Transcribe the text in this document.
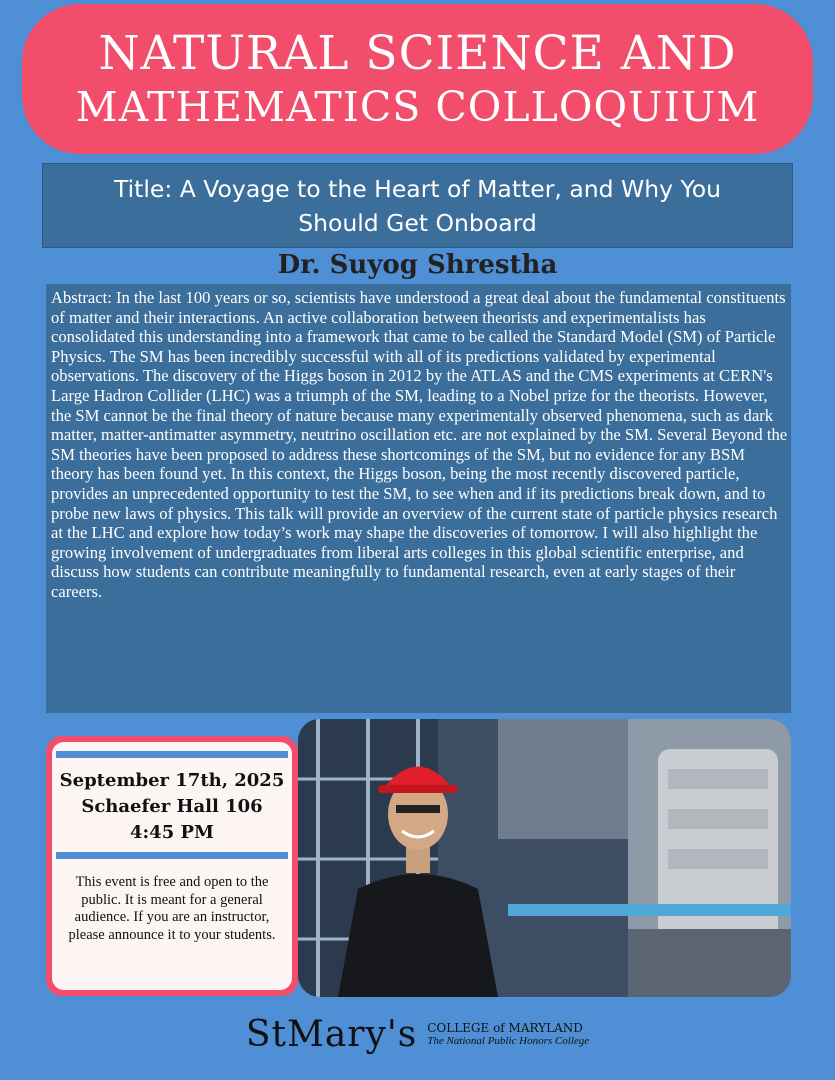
NATURAL SCIENCE AND
MATHEMATICS COLLOQUIUM
Title: A Voyage to the Heart of Matter, and Why You
Should Get Onboard
Dr. Suyog Shrestha
Abstract: In the last 100 years or so, scientists have understood a great deal about the fundamental constituents of matter and their interactions. An active collaboration between theorists and experimentalists has consolidated this understanding into a framework that came to be called the Standard Model (SM) of Particle Physics. The SM has been incredibly successful with all of its predictions validated by experimental observations. The discovery of the Higgs boson in 2012 by the ATLAS and the CMS experiments at CERN's Large Hadron Collider (LHC) was a triumph of the SM, leading to a Nobel prize for the theorists. However, the SM cannot be the final theory of nature because many experimentally observed phenomena, such as dark matter, matter-antimatter asymmetry, neutrino oscillation etc. are not explained by the SM. Several Beyond the SM theories have been proposed to address these shortcomings of the SM, but no evidence for any BSM theory has been found yet. In this context, the Higgs boson, being the most recently discovered particle, provides an unprecedented opportunity to test the SM, to see when and if its predictions break down, and to probe new laws of physics. This talk will provide an overview of the current state of particle physics research at the LHC and explore how today’s work may shape the discoveries of tomorrow. I will also highlight the growing involvement of undergraduates from liberal arts colleges in this global scientific enterprise, and discuss how students can contribute meaningfully to fundamental research, even at early stages of their careers.
September 17th, 2025
Schaefer Hall 106
4:45 PM
This event is free and open to the public. It is meant for a general audience. If you are an instructor, please announce it to your students.
StMary's COLLEGE of MARYLAND
The National Public Honors College
